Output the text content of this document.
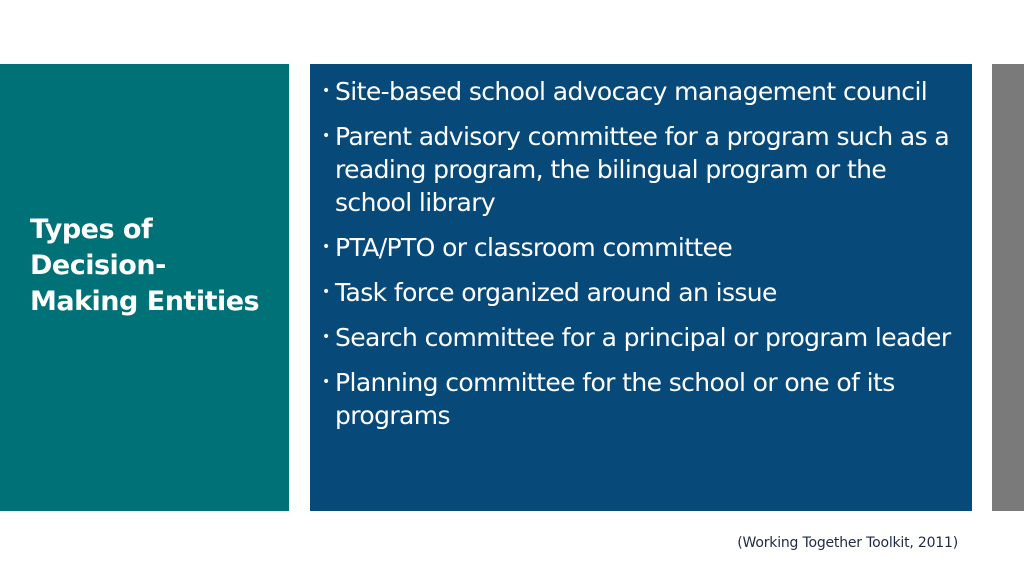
Types of Decision-Making Entities
• Site-based school advocacy management council
• Parent advisory committee for a program such as a reading program, the bilingual program or the school library
• PTA/PTO or classroom committee
• Task force organized around an issue
• Search committee for a principal or program leader
• Planning committee for the school or one of its programs
(Working Together Toolkit, 2011)
